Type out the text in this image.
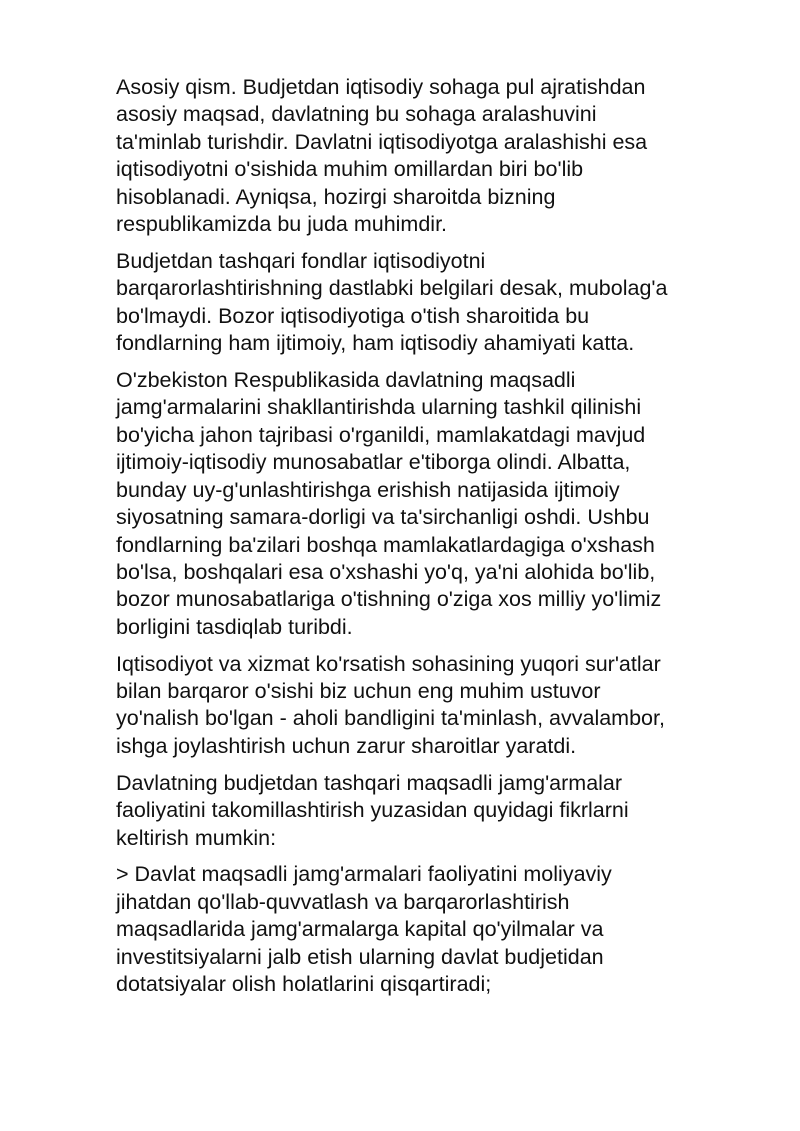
Asosiy qism. Budjetdan iqtisodiy sohaga pul ajratishdan
asosiy maqsad, davlatning bu sohaga aralashuvini
ta'minlab turishdir. Davlatni iqtisodiyotga aralashishi esa
iqtisodiyotni o'sishida muhim omillardan biri bo'lib
hisoblanadi. Ayniqsa, hozirgi sharoitda bizning
respublikamizda bu juda muhimdir.

Budjetdan tashqari fondlar iqtisodiyotni
barqarorlashtirishning dastlabki belgilari desak, mubolag'a
bo'lmaydi. Bozor iqtisodiyotiga o'tish sharoitida bu
fondlarning ham ijtimoiy, ham iqtisodiy ahamiyati katta.

O'zbekiston Respublikasida davlatning maqsadli
jamg'armalarini shakllantirishda ularning tashkil qilinishi
bo'yicha jahon tajribasi o'rganildi, mamlakatdagi mavjud
ijtimoiy-iqtisodiy munosabatlar e'tiborga olindi. Albatta,
bunday uy-g'unlashtirishga erishish natijasida ijtimoiy
siyosatning samara-dorligi va ta'sirchanligi oshdi. Ushbu
fondlarning ba'zilari boshqa mamlakatlardagiga o'xshash
bo'lsa, boshqalari esa o'xshashi yo'q, ya'ni alohida bo'lib,
bozor munosabatlariga o'tishning o'ziga xos milliy yo'limiz
borligini tasdiqlab turibdi.

Iqtisodiyot va xizmat ko'rsatish sohasining yuqori sur'atlar
bilan barqaror o'sishi biz uchun eng muhim ustuvor
yo'nalish bo'lgan - aholi bandligini ta'minlash, avvalambor,
ishga joylashtirish uchun zarur sharoitlar yaratdi.

Davlatning budjetdan tashqari maqsadli jamg'armalar
faoliyatini takomillashtirish yuzasidan quyidagi fikrlarni
keltirish mumkin:

> Davlat maqsadli jamg'armalari faoliyatini moliyaviy
jihatdan qo'llab-quvvatlash va barqarorlashtirish
maqsadlarida jamg'armalarga kapital qo'yilmalar va
investitsiyalarni jalb etish ularning davlat budjetidan
dotatsiyalar olish holatlarini qisqartiradi;
